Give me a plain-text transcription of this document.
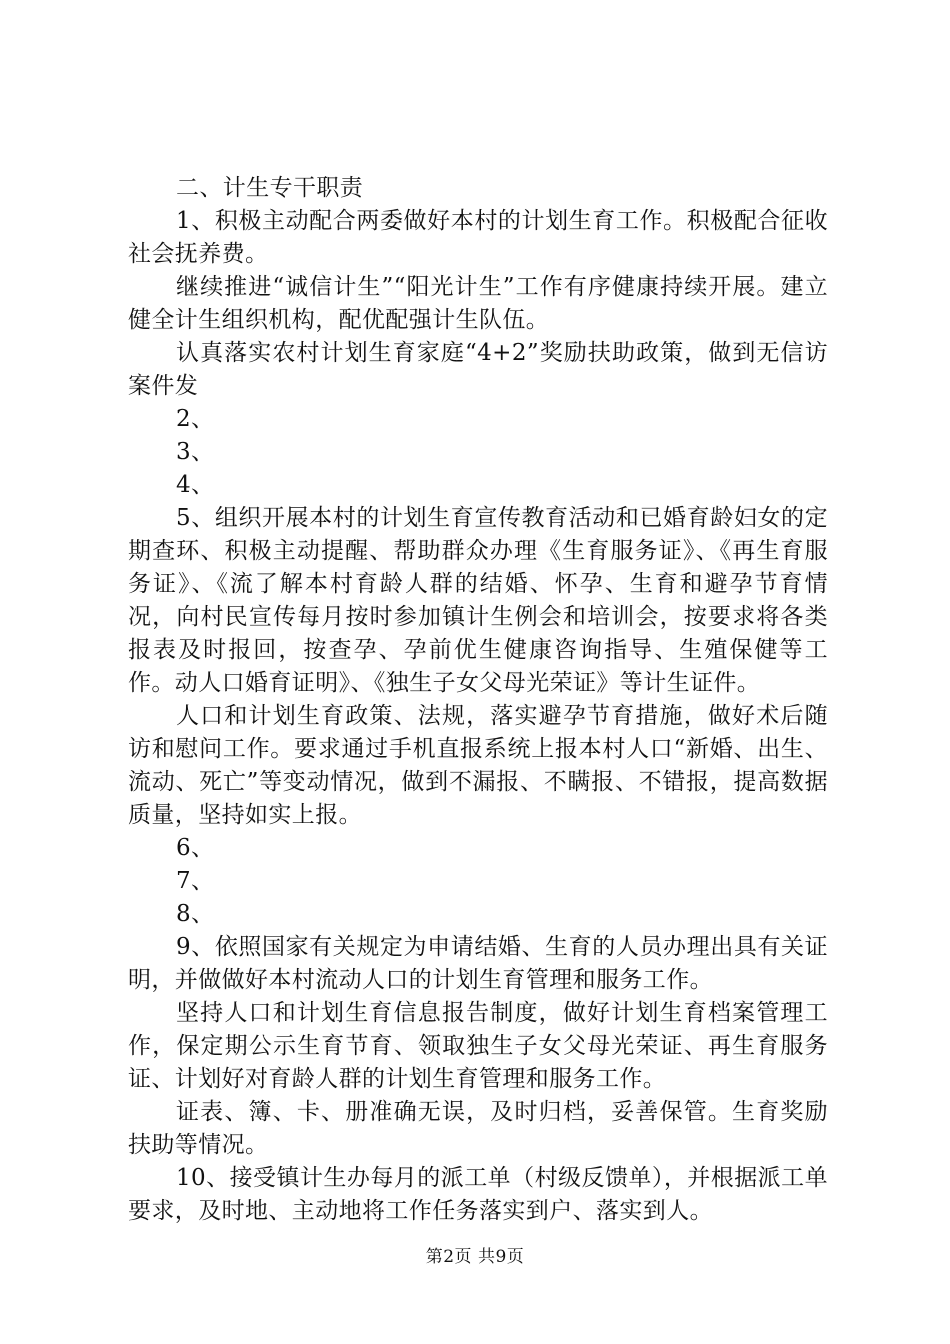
二、计生专干职责

1、积极主动配合两委做好本村的计划生育工作。积极配合征收社会抚养费。

继续推进“诚信计生”“阳光计生”工作有序健康持续开展。建立健全计生组织机构，配优配强计生队伍。

认真落实农村计划生育家庭“4+2”奖励扶助政策，做到无信访案件发

2、

3、

4、

5、组织开展本村的计划生育宣传教育活动和已婚育龄妇女的定期查环、积极主动提醒、帮助群众办理《生育服务证》、《再生育服务证》、《流了解本村育龄人群的结婚、怀孕、生育和避孕节育情况，向村民宣传每月按时参加镇计生例会和培训会，按要求将各类报表及时报回，按查孕、孕前优生健康咨询指导、生殖保健等工作。动人口婚育证明》、《独生子女父母光荣证》等计生证件。

人口和计划生育政策、法规，落实避孕节育措施，做好术后随访和慰问工作。要求通过手机直报系统上报本村人口“新婚、出生、流动、死亡”等变动情况，做到不漏报、不瞒报、不错报，提高数据质量，坚持如实上报。

6、

7、

8、

9、依照国家有关规定为申请结婚、生育的人员办理出具有关证明，并做做好本村流动人口的计划生育管理和服务工作。

坚持人口和计划生育信息报告制度，做好计划生育档案管理工作，保定期公示生育节育、领取独生子女父母光荣证、再生育服务证、计划好对育龄人群的计划生育管理和服务工作。

证表、簿、卡、册准确无误，及时归档，妥善保管。生育奖励扶助等情况。

10、接受镇计生办每月的派工单（村级反馈单），并根据派工单要求，及时地、主动地将工作任务落实到户、落实到人。

第2页 共9页
